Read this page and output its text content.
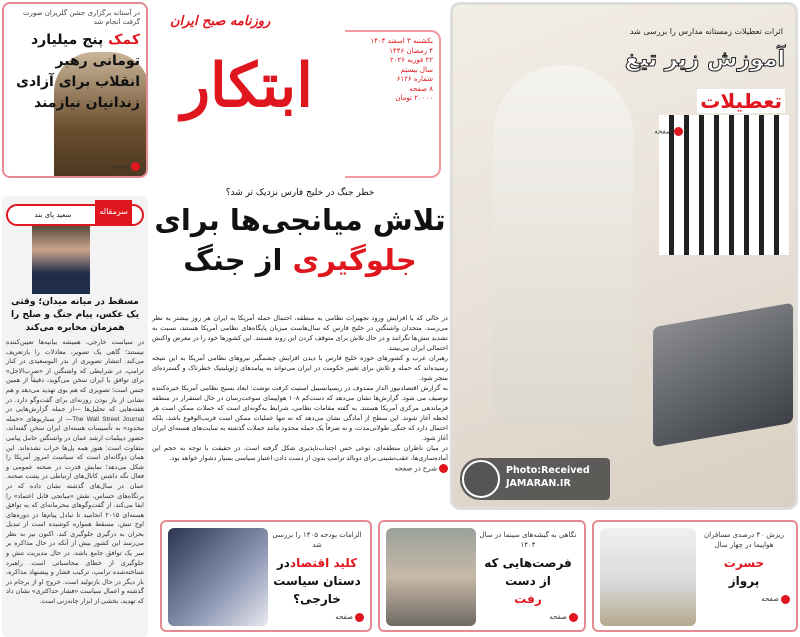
در آستانه برگزاری جشن گلریزان صورت گرفت انجام شد
کمک پنج میلیارد تومانی رهبر انقلاب برای آزادی زندانیان نیازمند
صفحه
روزنامه صبح ایران
ابتکار
یکشنبه ۳ اسفند ۱۴۰۴
۴ رمضان ۱۴۴۶
۲۲ فوریه ۲۰۲۶
سال بیستم
شماره ۶۱۲۶
۸ صفحه
۲۰۰۰۰ تومان
اثرات تعطیلات زمستانه مدارس را بررسی شد
آموزش زیر تیغ
تعطیلات
صفحه
خطر جنگ در خلیج فارس نزدیک تر شد؟
تلاش میانجی‌ها برای
جلوگیری از جنگ

در حالی که با افزایش ورود تجهیزات نظامی به منطقه، احتمال حمله آمریکا به ایران هر روز بیشتر به نظر می‌رسد، متحدان واشنگتن در خلیج فارس که سال‌هاست میزبان پایگاه‌های نظامی آمریکا هستند، نسبت به تشدید تنش‌ها نگرانند و در حال تلاش برای متوقف کردن این روند هستند. این کشورها خود را در معرض واکنش احتمالی ایران می‌بینند.

رهبران عرب و کشورهای حوزه خلیج فارس با دیدن افزایش چشمگیر نیروهای نظامی آمریکا به این نتیجه رسیده‌اند که حمله و تلاش برای تغییر حکومت در ایران می‌تواند به پیامدهای ژئوپلیتیک خطرناک و گسترده‌ای منجر شود.

به گزارش اقتصادنیوز الدار ممدوف در ریسپانسیبل استیت کرفت نوشت: ابعاد بسیج نظامی آمریکا خیره‌کننده توصیف می‌ شود. گزارش‌ها نشان می‌دهد که دست‌کم ۱۰۸ هواپیمای سوخت‌رسان در حال استقرار در منطقه فرماندهی مرکزی آمریکا هستند. به گفته مقامات نظامی، شرایط به‌گونه‌ای است که حملات ممکن است هر لحظه آغاز شوند. این سطح از آمادگی نشان می‌دهد که نه تنها عملیات ممکن است قریب‌الوقوع باشد، بلکه احتمال دارد که جنگی طولانی‌مدت، و نه صرفاً یک حمله محدود مانند حملات گذشته به سایت‌های هسته‌ای ایران آغاز شود.

در میان ناظران منطقه‌ای، نوعی حس اجتناب‌ناپذیری شکل گرفته است. در حقیقت با توجه به حجم این آماده‌سازی‌ها، عقب‌نشینی برای دونالد ترامپ بدون از دست دادن اعتبار سیاسی بسیار دشوار خواهد بود.

شرح در صفحه

سرمقاله
سعید پای بند
مسقط در میانه میدان؛ وقتی یک عکس، پیام جنگ و صلح را همزمان مخابره می‌کند
در سیاست خارجی، همیشه بیانیه‌ها تعیین‌کننده نیستند؛ گاهی یک تصویر، معادلات را بازتعریف می‌کند. انتشار تصویری از بدر البوسعیدی در کنار ترامپ، در شرایطی که واشنگتن از «ضرب‌الاجل» برای توافق با ایران سخن می‌گوید، دقیقاً از همین جنس است؛ تصویری که هم بوی تهدید می‌دهد و هم نشانی از باز بودن روزنه‌ای برای گفت‌وگو دارد. در هفته‌هایی که تحلیل‌ها —از جمله گزارش‌هایی در The Wall Street Journal— از سناریوهای «حمله محدود» به تأسیسات هسته‌ای ایران سخن گفته‌اند، حضور دیپلمات ارشد عمان در واشنگتن حامل پیامی متفاوت است: هنوز همه پل‌ها خراب نشده‌اند. این همان دوگانه‌ای است که سیاست امروز آمریکا را شکل می‌دهد؛ نمایش قدرت در صحنه عمومی و فعال نگه داشتن کانال‌های ارتباطی در پشت صحنه. عمان در سال‌های گذشته نشان داده که در برنگاه‌های حساس، نقش «میانجی قابل اعتماد» را ایفا می‌کند. از گفت‌وگوهای محرمانه‌ای که به توافق هسته‌ای ۲۰۱۵ انجامید تا تبادل پیام‌ها در دوره‌های اوج تنش، مسقط همواره کوشیده است از تبدیل بحران به درگیری جلوگیری کند. اکنون نیز به نظر می‌رسد این کشور بیش از آنکه در حال مذاکره بر سر یک توافق جامع باشد، در حال مدیریت تنش و جلوگیری از خطای محاسباتی است. راهبرد شناخته‌شده ترامپ، ترکیب فشار و پیشنهاد مذاکره، بار دیگر در حال بازتولید است. خروج او از برجام در گذشته و اعمال سیاست «فشار حداکثری» نشان داد که تهدید، بخشی از ابزار چانه‌زنی است.
الزامات بودجه ۱۴۰۵ را بررسی شد
کلید اقتصاددر دستان سیاست خارجی؟
صفحه
نگاهی به گیشه‌های سینما در سال ۱۴۰۴
فرصت‌هایی که از دست
رفت
صفحه
ریزش ۴۰ درصدی مسافران هواپیما در چهار سال
حسرت
پرواز
صفحه
Photo:Received
JAMARAN.IR
